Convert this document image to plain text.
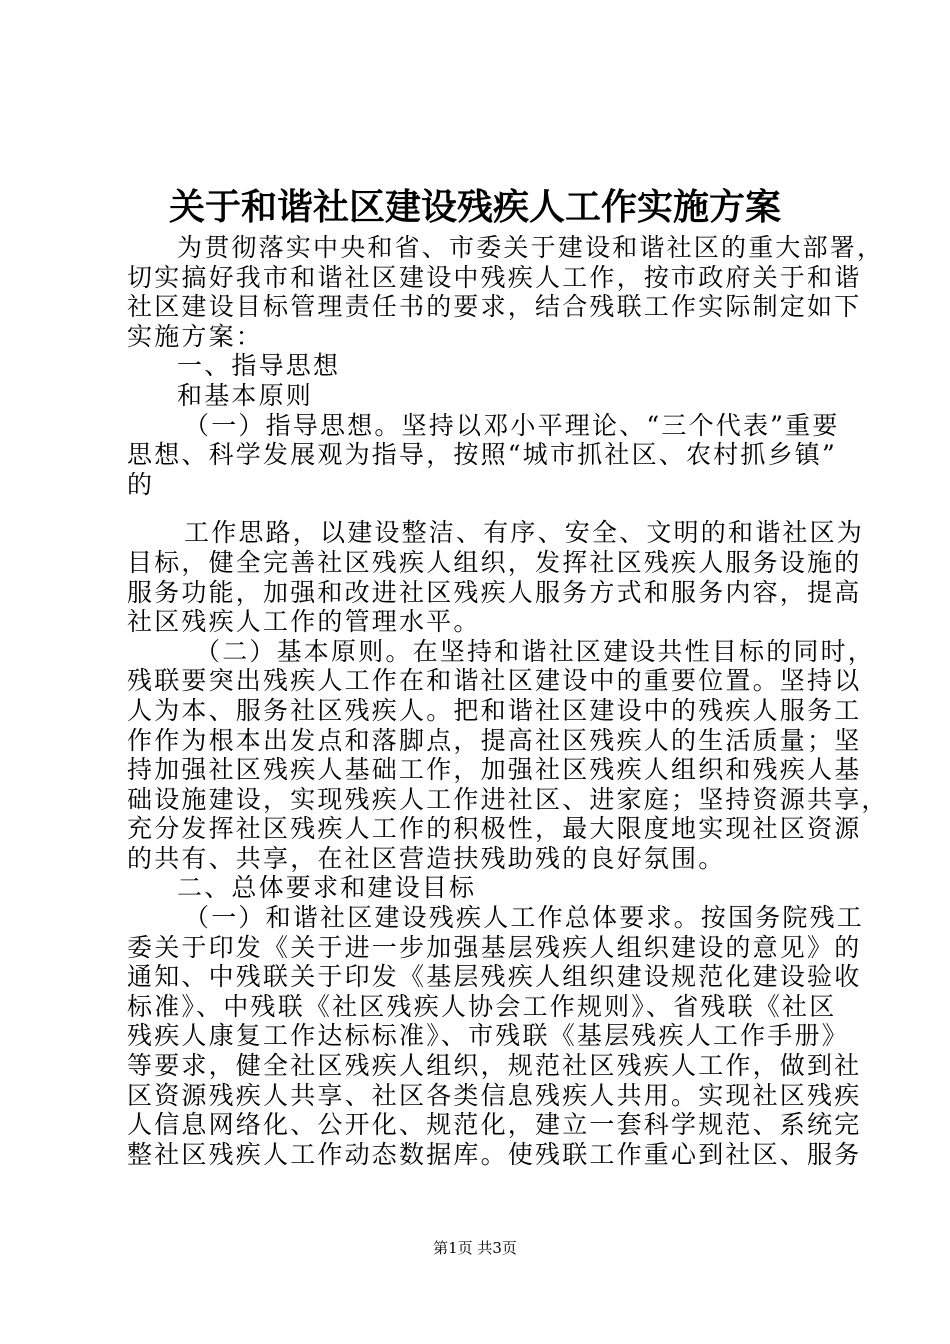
关于和谐社区建设残疾人工作实施方案
为贯彻落实中央和省、市委关于建设和谐社区的重大部署，
切实搞好我市和谐社区建设中残疾人工作，按市政府关于和谐
社区建设目标管理责任书的要求，结合残联工作实际制定如下
实施方案：
一、指导思想
和基本原则
（一）指导思想。坚持以邓小平理论、“三个代表”重要
思想、科学发展观为指导，按照“城市抓社区、农村抓乡镇”
的
工作思路，以建设整洁、有序、安全、文明的和谐社区为
目标，健全完善社区残疾人组织，发挥社区残疾人服务设施的
服务功能，加强和改进社区残疾人服务方式和服务内容，提高
社区残疾人工作的管理水平。
（二）基本原则。在坚持和谐社区建设共性目标的同时，
残联要突出残疾人工作在和谐社区建设中的重要位置。坚持以
人为本、服务社区残疾人。把和谐社区建设中的残疾人服务工
作作为根本出发点和落脚点，提高社区残疾人的生活质量；坚
持加强社区残疾人基础工作，加强社区残疾人组织和残疾人基
础设施建设，实现残疾人工作进社区、进家庭；坚持资源共享，
充分发挥社区残疾人工作的积极性，最大限度地实现社区资源
的共有、共享，在社区营造扶残助残的良好氛围。
二、总体要求和建设目标
（一）和谐社区建设残疾人工作总体要求。按国务院残工
委关于印发《关于进一步加强基层残疾人组织建设的意见》的
通知、中残联关于印发《基层残疾人组织建设规范化建设验收
标准》、中残联《社区残疾人协会工作规则》、省残联《社区
残疾人康复工作达标标准》、市残联《基层残疾人工作手册》
等要求，健全社区残疾人组织，规范社区残疾人工作，做到社
区资源残疾人共享、社区各类信息残疾人共用。实现社区残疾
人信息网络化、公开化、规范化，建立一套科学规范、系统完
整社区残疾人工作动态数据库。使残联工作重心到社区、服务
第1页 共3页
